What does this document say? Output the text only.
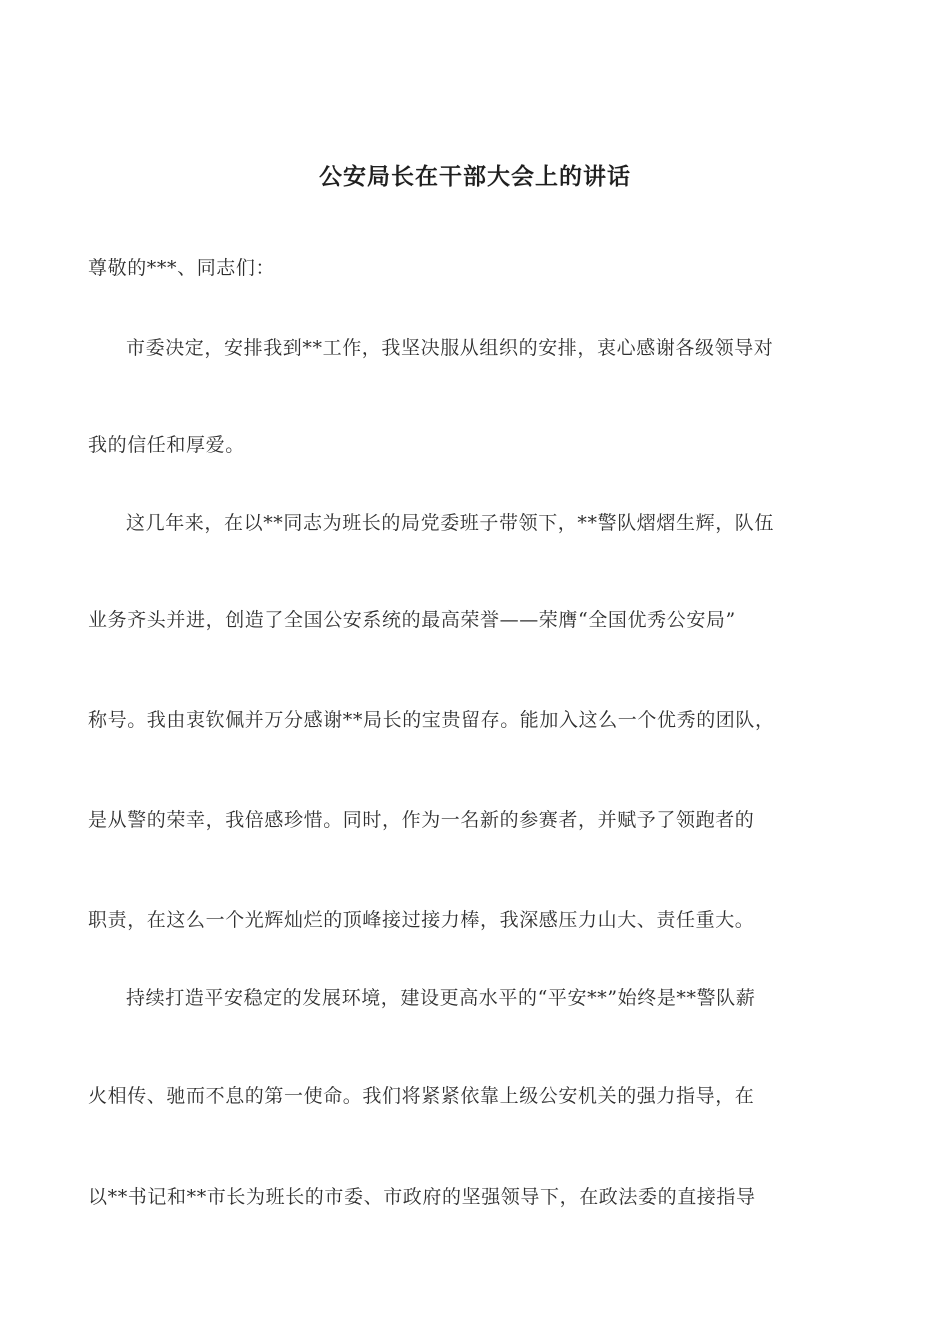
公安局长在干部大会上的讲话
尊敬的***、同志们：
市委决定，安排我到**工作，我坚决服从组织的安排，衷心感谢各级领导对
我的信任和厚爱。
这几年来，在以**同志为班长的局党委班子带领下，**警队熠熠生辉，队伍
业务齐头并进，创造了全国公安系统的最高荣誉——荣膺“全国优秀公安局”
称号。我由衷钦佩并万分感谢**局长的宝贵留存。能加入这么一个优秀的团队，
是从警的荣幸，我倍感珍惜。同时，作为一名新的参赛者，并赋予了领跑者的
职责，在这么一个光辉灿烂的顶峰接过接力棒，我深感压力山大、责任重大。
持续打造平安稳定的发展环境，建设更高水平的“平安**”始终是**警队薪
火相传、驰而不息的第一使命。我们将紧紧依靠上级公安机关的强力指导，在
以**书记和**市长为班长的市委、市政府的坚强领导下，在政法委的直接指导
